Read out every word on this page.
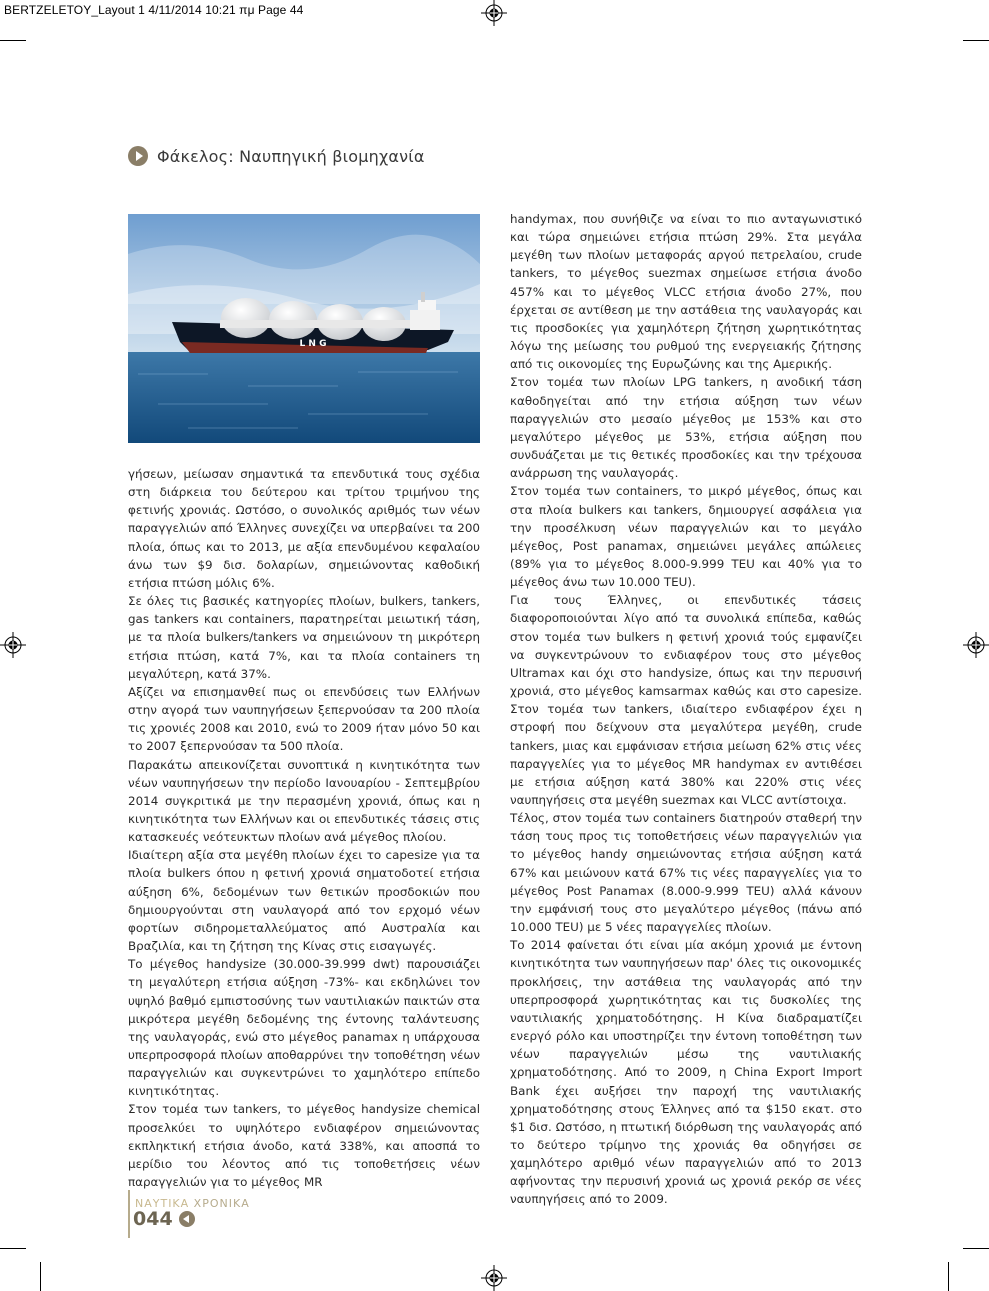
BERTZELETOY_Layout 1 4/11/2014 10:21 πμ Page 44
Φάκελος: Ναυπηγική βιομηχανία
L N G

γήσεων, μείωσαν σημαντικά τα επενδυτικά τους σχέδια στη διάρκεια του δεύτερου και τρίτου τριμήνου της φετινής χρονιάς. Ωστόσο, ο συνολικός αριθμός των νέων παραγγελιών από Έλληνες συνεχίζει να υπερβαίνει τα 200 πλοία, όπως και το 2013, με αξία επενδυμένου κεφαλαίου άνω των $9 δισ. δολαρίων, σημειώνοντας καθοδική ετήσια πτώση μόλις 6%.

Σε όλες τις βασικές κατηγορίες πλοίων, bulkers, tankers, gas tankers και containers, παρατηρείται μειωτική τάση, με τα πλοία bulkers/tankers να σημειώνουν τη μικρότερη ετήσια πτώση, κατά 7%, και τα πλοία containers τη μεγαλύτερη, κατά 37%.

Αξίζει να επισημανθεί πως οι επενδύσεις των Ελλήνων στην αγορά των ναυπηγήσεων ξεπερνούσαν τα 200 πλοία τις χρονιές 2008 και 2010, ενώ το 2009 ήταν μόνο 50 και το 2007 ξεπερνούσαν τα 500 πλοία.

Παρακάτω απεικονίζεται συνοπτικά η κινητικότητα των νέων ναυπηγήσεων την περίοδο Ιανουαρίου - Σεπτεμβρίου 2014 συγκριτικά με την περασμένη χρονιά, όπως και η κινητικότητα των Ελλήνων και οι επενδυτικές τάσεις στις κατασκευές νεότευκτων πλοίων ανά μέγεθος πλοίου.

Ιδιαίτερη αξία στα μεγέθη πλοίων έχει το capesize για τα πλοία bulkers όπου η φετινή χρονιά σηματοδοτεί ετήσια αύξηση 6%, δεδομένων των θετικών προσδοκιών που δημιουργούνται στη ναυλαγορά από τον ερχομό νέων φορτίων σιδηρομεταλλεύματος από Αυστραλία και Βραζιλία, και τη ζήτηση της Κίνας στις εισαγωγές.

Το μέγεθος handysize (30.000-39.999 dwt) παρουσιάζει τη μεγαλύτερη ετήσια αύξηση -73%- και εκδηλώνει τον υψηλό βαθμό εμπιστοσύνης των ναυτιλιακών παικτών στα μικρότερα μεγέθη δεδομένης της έντονης ταλάντευσης της ναυλαγοράς, ενώ στο μέγεθος panamax η υπάρχουσα υπερπροσφορά πλοίων αποθαρρύνει την τοποθέτηση νέων παραγγελιών και συγκεντρώνει το χαμηλότερο επίπεδο κινητικότητας.

Στον τομέα των tankers, το μέγεθος handysize chemical προσελκύει το υψηλότερο ενδιαφέρον σημειώνοντας εκπληκτική ετήσια άνοδο, κατά 338%, και αποσπά το μερίδιο του λέοντος από τις τοποθετήσεις νέων παραγγελιών για το μέγεθος MR

handymax, που συνήθιζε να είναι το πιο ανταγωνιστικό και τώρα σημειώνει ετήσια πτώση 29%. Στα μεγάλα μεγέθη των πλοίων μεταφοράς αργού πετρελαίου, crude tankers, το μέγεθος suezmax σημείωσε ετήσια άνοδο 457% και το μέγεθος VLCC ετήσια άνοδο 27%, που έρχεται σε αντίθεση με την αστάθεια της ναυλαγοράς και τις προσδοκίες για χαμηλότερη ζήτηση χωρητικότητας λόγω της μείωσης του ρυθμού της ενεργειακής ζήτησης από τις οικονομίες της Ευρωζώνης και της Αμερικής.

Στον τομέα των πλοίων LPG tankers, η ανοδική τάση καθοδηγείται από την ετήσια αύξηση των νέων παραγγελιών στο μεσαίο μέγεθος με 153% και στο μεγαλύτερο μέγεθος με 53%, ετήσια αύξηση που συνδυάζεται με τις θετικές προσδοκίες και την τρέχουσα ανάρρωση της ναυλαγοράς.

Στον τομέα των containers, το μικρό μέγεθος, όπως και στα πλοία bulkers και tankers, δημιουργεί ασφάλεια για την προσέλκυση νέων παραγγελιών και το μεγάλο μέγεθος, Post panamax, σημειώνει μεγάλες απώλειες (89% για το μέγεθος 8.000-9.999 TEU και 40% για το μέγεθος άνω των 10.000 TEU).

Για τους Έλληνες, οι επενδυτικές τάσεις διαφοροποιούνται λίγο από τα συνολικά επίπεδα, καθώς στον τομέα των bulkers η φετινή χρονιά τούς εμφανίζει να συγκεντρώνουν το ενδιαφέρον τους στο μέγεθος Ultramax και όχι στο handysize, όπως και την περυσινή χρονιά, στο μέγεθος kamsarmax καθώς και στο capesize. Στον τομέα των tankers, ιδιαίτερο ενδιαφέρον έχει η στροφή που δείχνουν στα μεγαλύτερα μεγέθη, crude tankers, μιας και εμφάνισαν ετήσια μείωση 62% στις νέες παραγγελίες για το μέγεθος MR handymax εν αντιθέσει με ετήσια αύξηση κατά 380% και 220% στις νέες ναυπηγήσεις στα μεγέθη suezmax και VLCC αντίστοιχα.

Τέλος, στον τομέα των containers διατηρούν σταθερή την τάση τους προς τις τοποθετήσεις νέων παραγγελιών για το μέγεθος handy σημειώνοντας ετήσια αύξηση κατά 67% και μειώνουν κατά 67% τις νέες παραγγελίες για το μέγεθος Post Panamax (8.000-9.999 TEU) αλλά κάνουν την εμφάνισή τους στο μεγαλύτερο μέγεθος (πάνω από 10.000 TEU) με 5 νέες παραγγελίες πλοίων.

Το 2014 φαίνεται ότι είναι μία ακόμη χρονιά με έντονη κινητικότητα των ναυπηγήσεων παρ' όλες τις οικονομικές προκλήσεις, την αστάθεια της ναυλαγοράς από την υπερπροσφορά χωρητικότητας και τις δυσκολίες της ναυτιλιακής χρηματοδότησης. Η Κίνα διαδραματίζει ενεργό ρόλο και υποστηρίζει την έντονη τοποθέτηση των νέων παραγγελιών μέσω της ναυτιλιακής χρηματοδότησης. Από το 2009, η China Export Import Bank έχει αυξήσει την παροχή της ναυτιλιακής χρηματοδότησης στους Έλληνες από τα $150 εκατ. στο $1 δισ. Ωστόσο, η πτωτική διόρθωση της ναυλαγοράς από το δεύτερο τρίμηνο της χρονιάς θα οδηγήσει σε χαμηλότερο αριθμό νέων παραγγελιών από το 2013 αφήνοντας την περυσινή χρονιά ως χρονιά ρεκόρ σε νέες ναυπηγήσεις από το 2009.

ΝΑΥΤΙΚΑ ΧΡΟΝΙΚΑ
044
